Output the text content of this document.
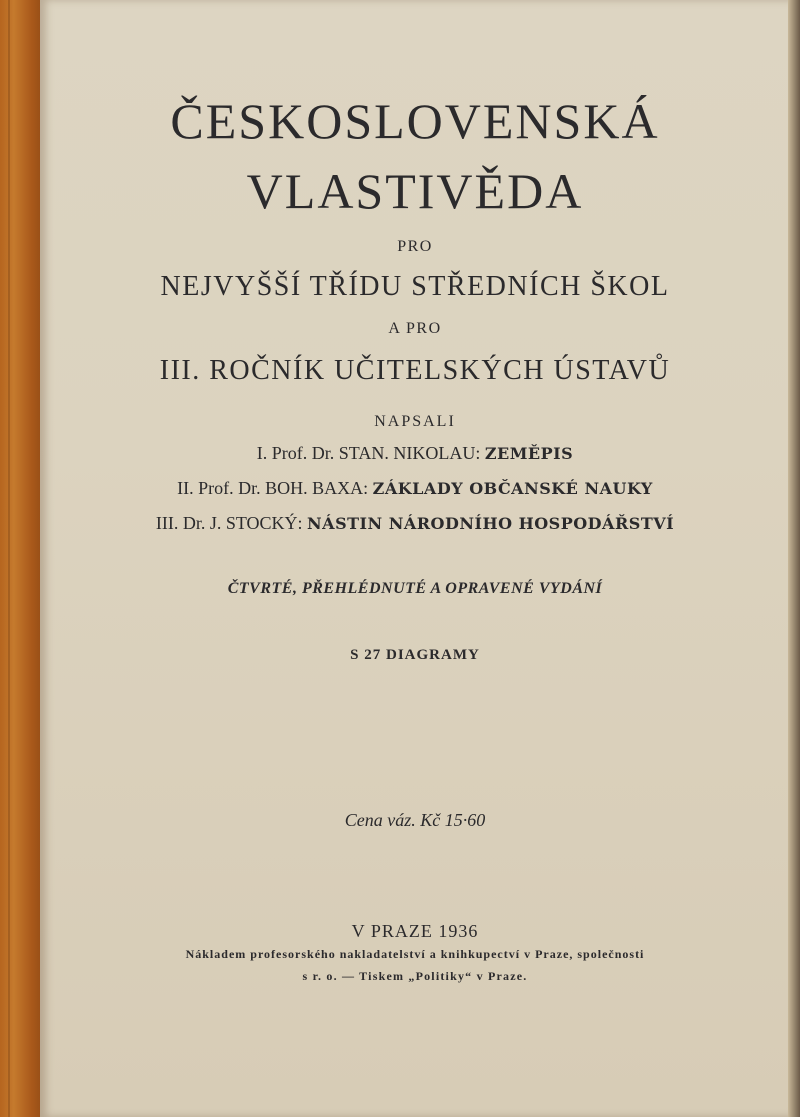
ČESKOSLOVENSKÁ
VLASTIVĚDA
PRO
NEJVYŠŠÍ TŘÍDU STŘEDNÍCH ŠKOL
A PRO
III. ROČNÍK UČITELSKÝCH ÚSTAVŮ
NAPSALI
I. Prof. Dr. STAN. NIKOLAU: ZEMĚPIS
II. Prof. Dr. BOH. BAXA: ZÁKLADY OBČANSKÉ NAUKY
III. Dr. J. STOCKÝ: NÁSTIN NÁRODNÍHO HOSPODÁŘSTVÍ
ČTVRTÉ, PŘEHLÉDNUTÉ A OPRAVENÉ VYDÁNÍ
S 27 DIAGRAMY
Cena váz. Kč 15·60
V PRAZE 1936
Nákladem profesorského nakladatelství a knihkupectví v Praze, společnosti
s r. o. — Tiskem „Politiky“ v Praze.
